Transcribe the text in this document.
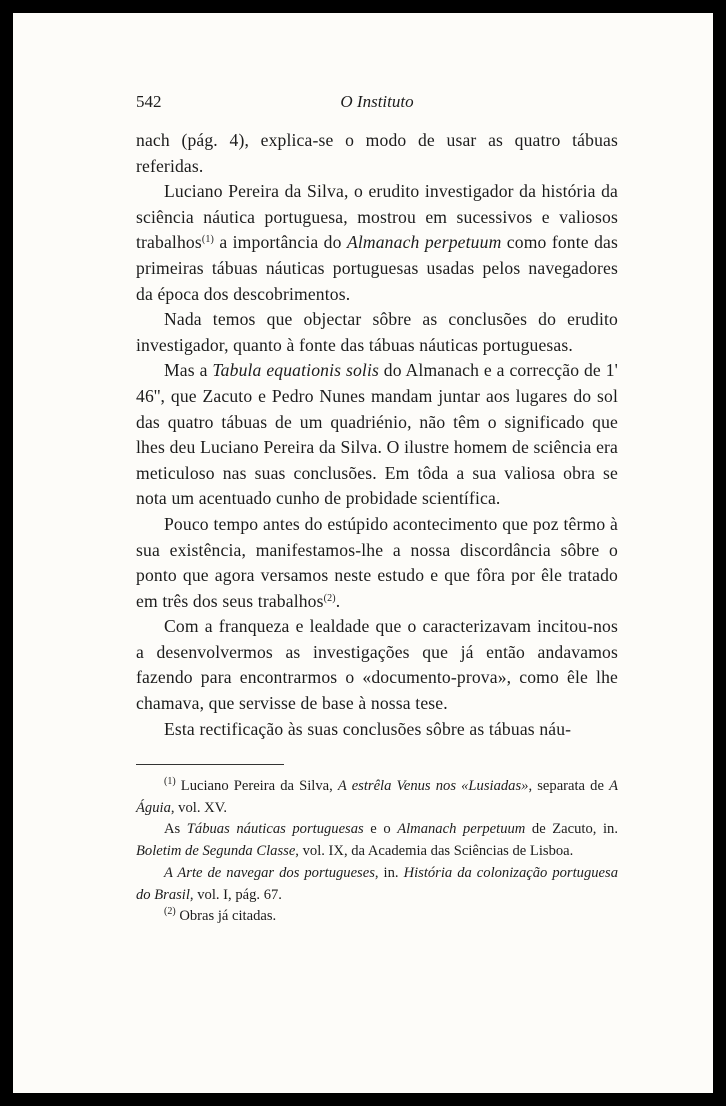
542	O Instituto

nach (pág. 4), explica-se o modo de usar as quatro tábuas referidas.

Luciano Pereira da Silva, o erudito investigador da história da sciência náutica portuguesa, mostrou em sucessivos e valiosos trabalhos$^{(1)}$ a importância do Almanach perpetuum como fonte das primeiras tábuas náuticas portuguesas usadas pelos navegadores da época dos descobrimentos.

Nada temos que objectar sôbre as conclusões do erudito investigador, quanto à fonte das tábuas náuticas portuguesas.

Mas a Tabula equationis solis do Almanach e a correcção de 1' 46'', que Zacuto e Pedro Nunes mandam juntar aos lugares do sol das quatro tábuas de um quadriénio, não têm o significado que lhes deu Luciano Pereira da Silva. O ilustre homem de sciência era meticuloso nas suas conclusões. Em tôda a sua valiosa obra se nota um acentuado cunho de probidade scientífica.

Pouco tempo antes do estúpido acontecimento que poz têrmo à sua existência, manifestamos-lhe a nossa discordância sôbre o ponto que agora versamos neste estudo e que fôra por êle tratado em três dos seus trabalhos$^{(2)}$.

Com a franqueza e lealdade que o caracterizavam incitou-nos a desenvolvermos as investigações que já então andavamos fazendo para encontrarmos o «documento-prova», como êle lhe chamava, que servisse de base à nossa tese.

Esta rectificação às suas conclusões sôbre as tábuas náu-

$^{(1)}$ Luciano Pereira da Silva, A estrêla Venus nos «Lusiadas», separata de A Águia, vol. XV.

As Tábuas náuticas portuguesas e o Almanach perpetuum de Zacuto, in. Boletim de Segunda Classe, vol. IX, da Academia das Sciências de Lisboa.

A Arte de navegar dos portugueses, in. História da colonização portuguesa do Brasil, vol. I, pág. 67.

$^{(2)}$ Obras já citadas.
